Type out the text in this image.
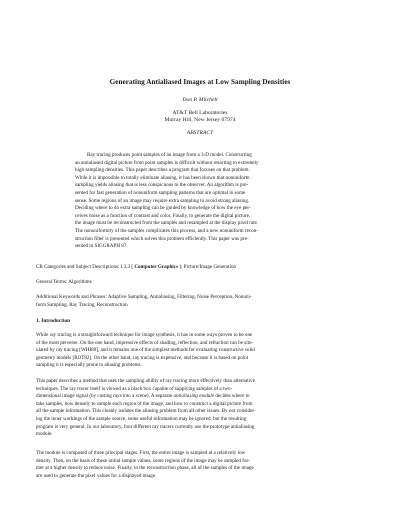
Generating Antialiased Images at Low Sampling Densities
Don P. Mitchell
AT&T Bell Laboratories
Murray Hill, New Jersey 07974
ABSTRACT
Ray tracing produces point samples of an image from a 3-D model. Constructing
an antialiased digital picture from point samples is difficult without resorting to extremely
high sampling densities. This paper describes a program that focuses on that problem.
While it is impossible to totally eliminate aliasing, it has been shown that nonuniform
sampling yields aliasing that is less conspicuous to the observer. An algorithm is pre-
sented for fast generation of nonuniform sampling patterns that are optimal in some
sense. Some regions of an image may require extra sampling to avoid strong aliasing.
Deciding where to do extra sampling can be guided by knowledge of how the eye per-
ceives noise as a function of contrast and color. Finally, to generate the digital picture,
the image must be reconstructed from the samples and resampled at the display pixel rate.
The nonuniformity of the samples complicates this process, and a new nonuniform recon-
struction filter is presented which solves this problem efficiently. This paper was pre-
sented in SIGGRAPH 87.
CR Categories and Subject Descriptions: I.3.3 [ Computer Graphics ]: Picture/Image Generation
General Terms: Algorithms
Additional Keywords and Phrases: Adaptive Sampling, Antialiasing, Filtering, Noise Perception, Nonuni-
form Sampling, Ray Tracing, Reconstruction
1. Introduction
While ray tracing is a straightforward technique for image synthesis, it has in some ways proven to be one
of the most perverse. On the one hand, impressive effects of shading, reflection, and refraction can be sim-
ulated by ray tracing [WHI80], and it remains one of the simplest methods for evaluating constructive solid
geometry models [ROT82]. On the other hand, ray tracing is expensive, and because it is based on point
sampling it is especially prone to aliasing problems.
This paper describes a method that uses the sampling ability of ray tracing more effectively than alternative
techniques. The ray tracer itself is viewed as a black box capable of supplying samples of a two-
dimensional image signal (by casting rays into a scene). A separate antialiasing module decides where to
take samples, how densely to sample each region of the image, and how to construct a digital picture from
all the sample information. This cleanly isolates the aliasing problem from all other issues. By not consider-
ing the inner workings of the sample source, some useful information may be ignored, but the resulting
program is very general. In our laboratory, four different ray tracers currently use the prototype antialiasing
module.
The module is composed of three principal stages. First, the entire image is sampled at a relatively low
density. Then, on the basis of these initial sample values, some regions of the image may be sampled fur-
ther at a higher density to reduce noise. Finally, in the reconstruction phase, all of the samples of the image
are used to generate the pixel values for a displayed image.
